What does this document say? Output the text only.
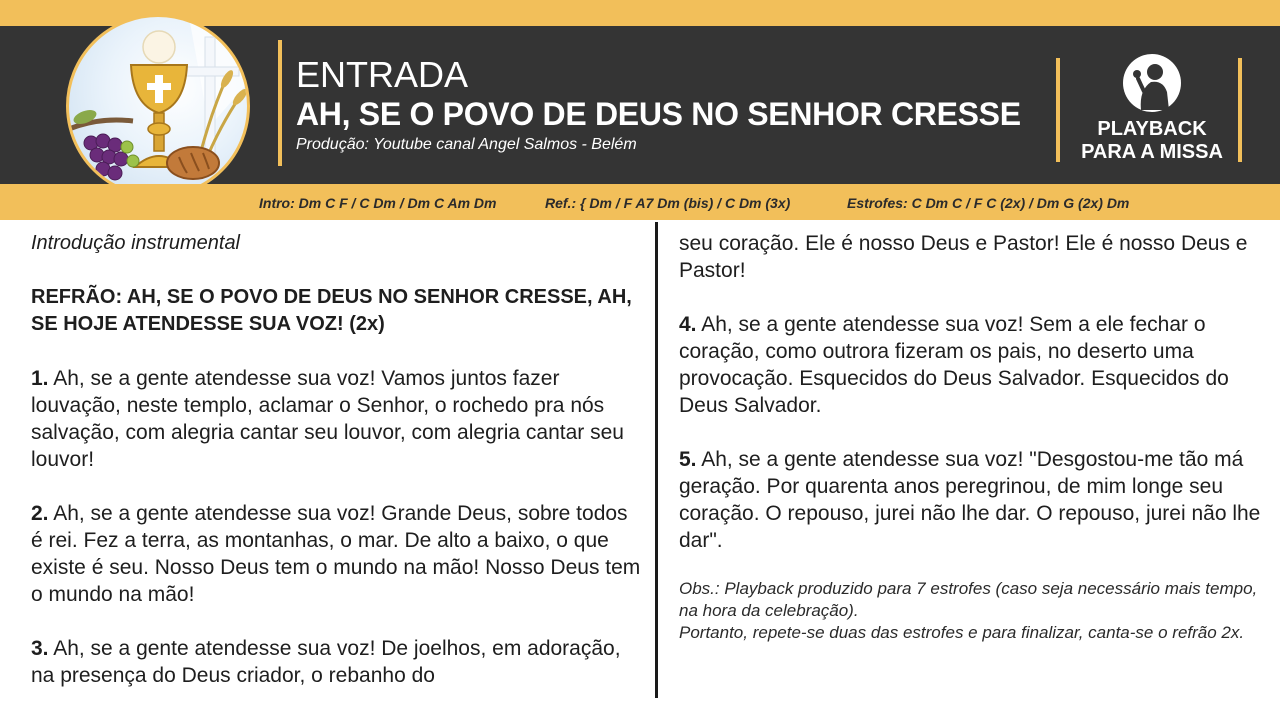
ENTRADA
AH, SE O POVO DE DEUS NO SENHOR CRESSE
Produção: Youtube canal Angel Salmos - Belém
PLAYBACK
PARA A MISSA
Intro: Dm C F / C Dm / Dm C Am Dm	Ref.: { Dm / F A7 Dm (bis) / C Dm (3x)	Estrofes: C Dm C / F C (2x) / Dm G (2x) Dm

Introdução instrumental

REFRÃO: AH, SE O POVO DE DEUS NO SENHOR CRESSE, AH, SE HOJE ATENDESSE SUA VOZ! (2x)

1. Ah, se a gente atendesse sua voz! Vamos juntos fazer louvação, neste templo, aclamar o Senhor, o rochedo pra nós salvação, com alegria cantar seu louvor, com alegria cantar seu louvor!

2. Ah, se a gente atendesse sua voz! Grande Deus, sobre todos é rei. Fez a terra, as montanhas, o mar. De alto a baixo, o que existe é seu. Nosso Deus tem o mundo na mão! Nosso Deus tem o mundo na mão!

3. Ah, se a gente atendesse sua voz! De joelhos, em adoração, na presença do Deus criador, o rebanho do

seu coração. Ele é nosso Deus e Pastor! Ele é nosso Deus e Pastor!

4. Ah, se a gente atendesse sua voz! Sem a ele fechar o coração, como outrora fizeram os pais, no deserto uma provocação. Esquecidos do Deus Salvador. Esquecidos do Deus Salvador.

5. Ah, se a gente atendesse sua voz! "Desgostou-me tão má geração. Por quarenta anos peregrinou, de mim longe seu coração. O repouso, jurei não lhe dar. O repouso, jurei não lhe dar".

Obs.: Playback produzido para 7 estrofes (caso seja necessário mais tempo, na hora da celebração).

Portanto, repete-se duas das estrofes e para finalizar, canta-se o refrão 2x.
